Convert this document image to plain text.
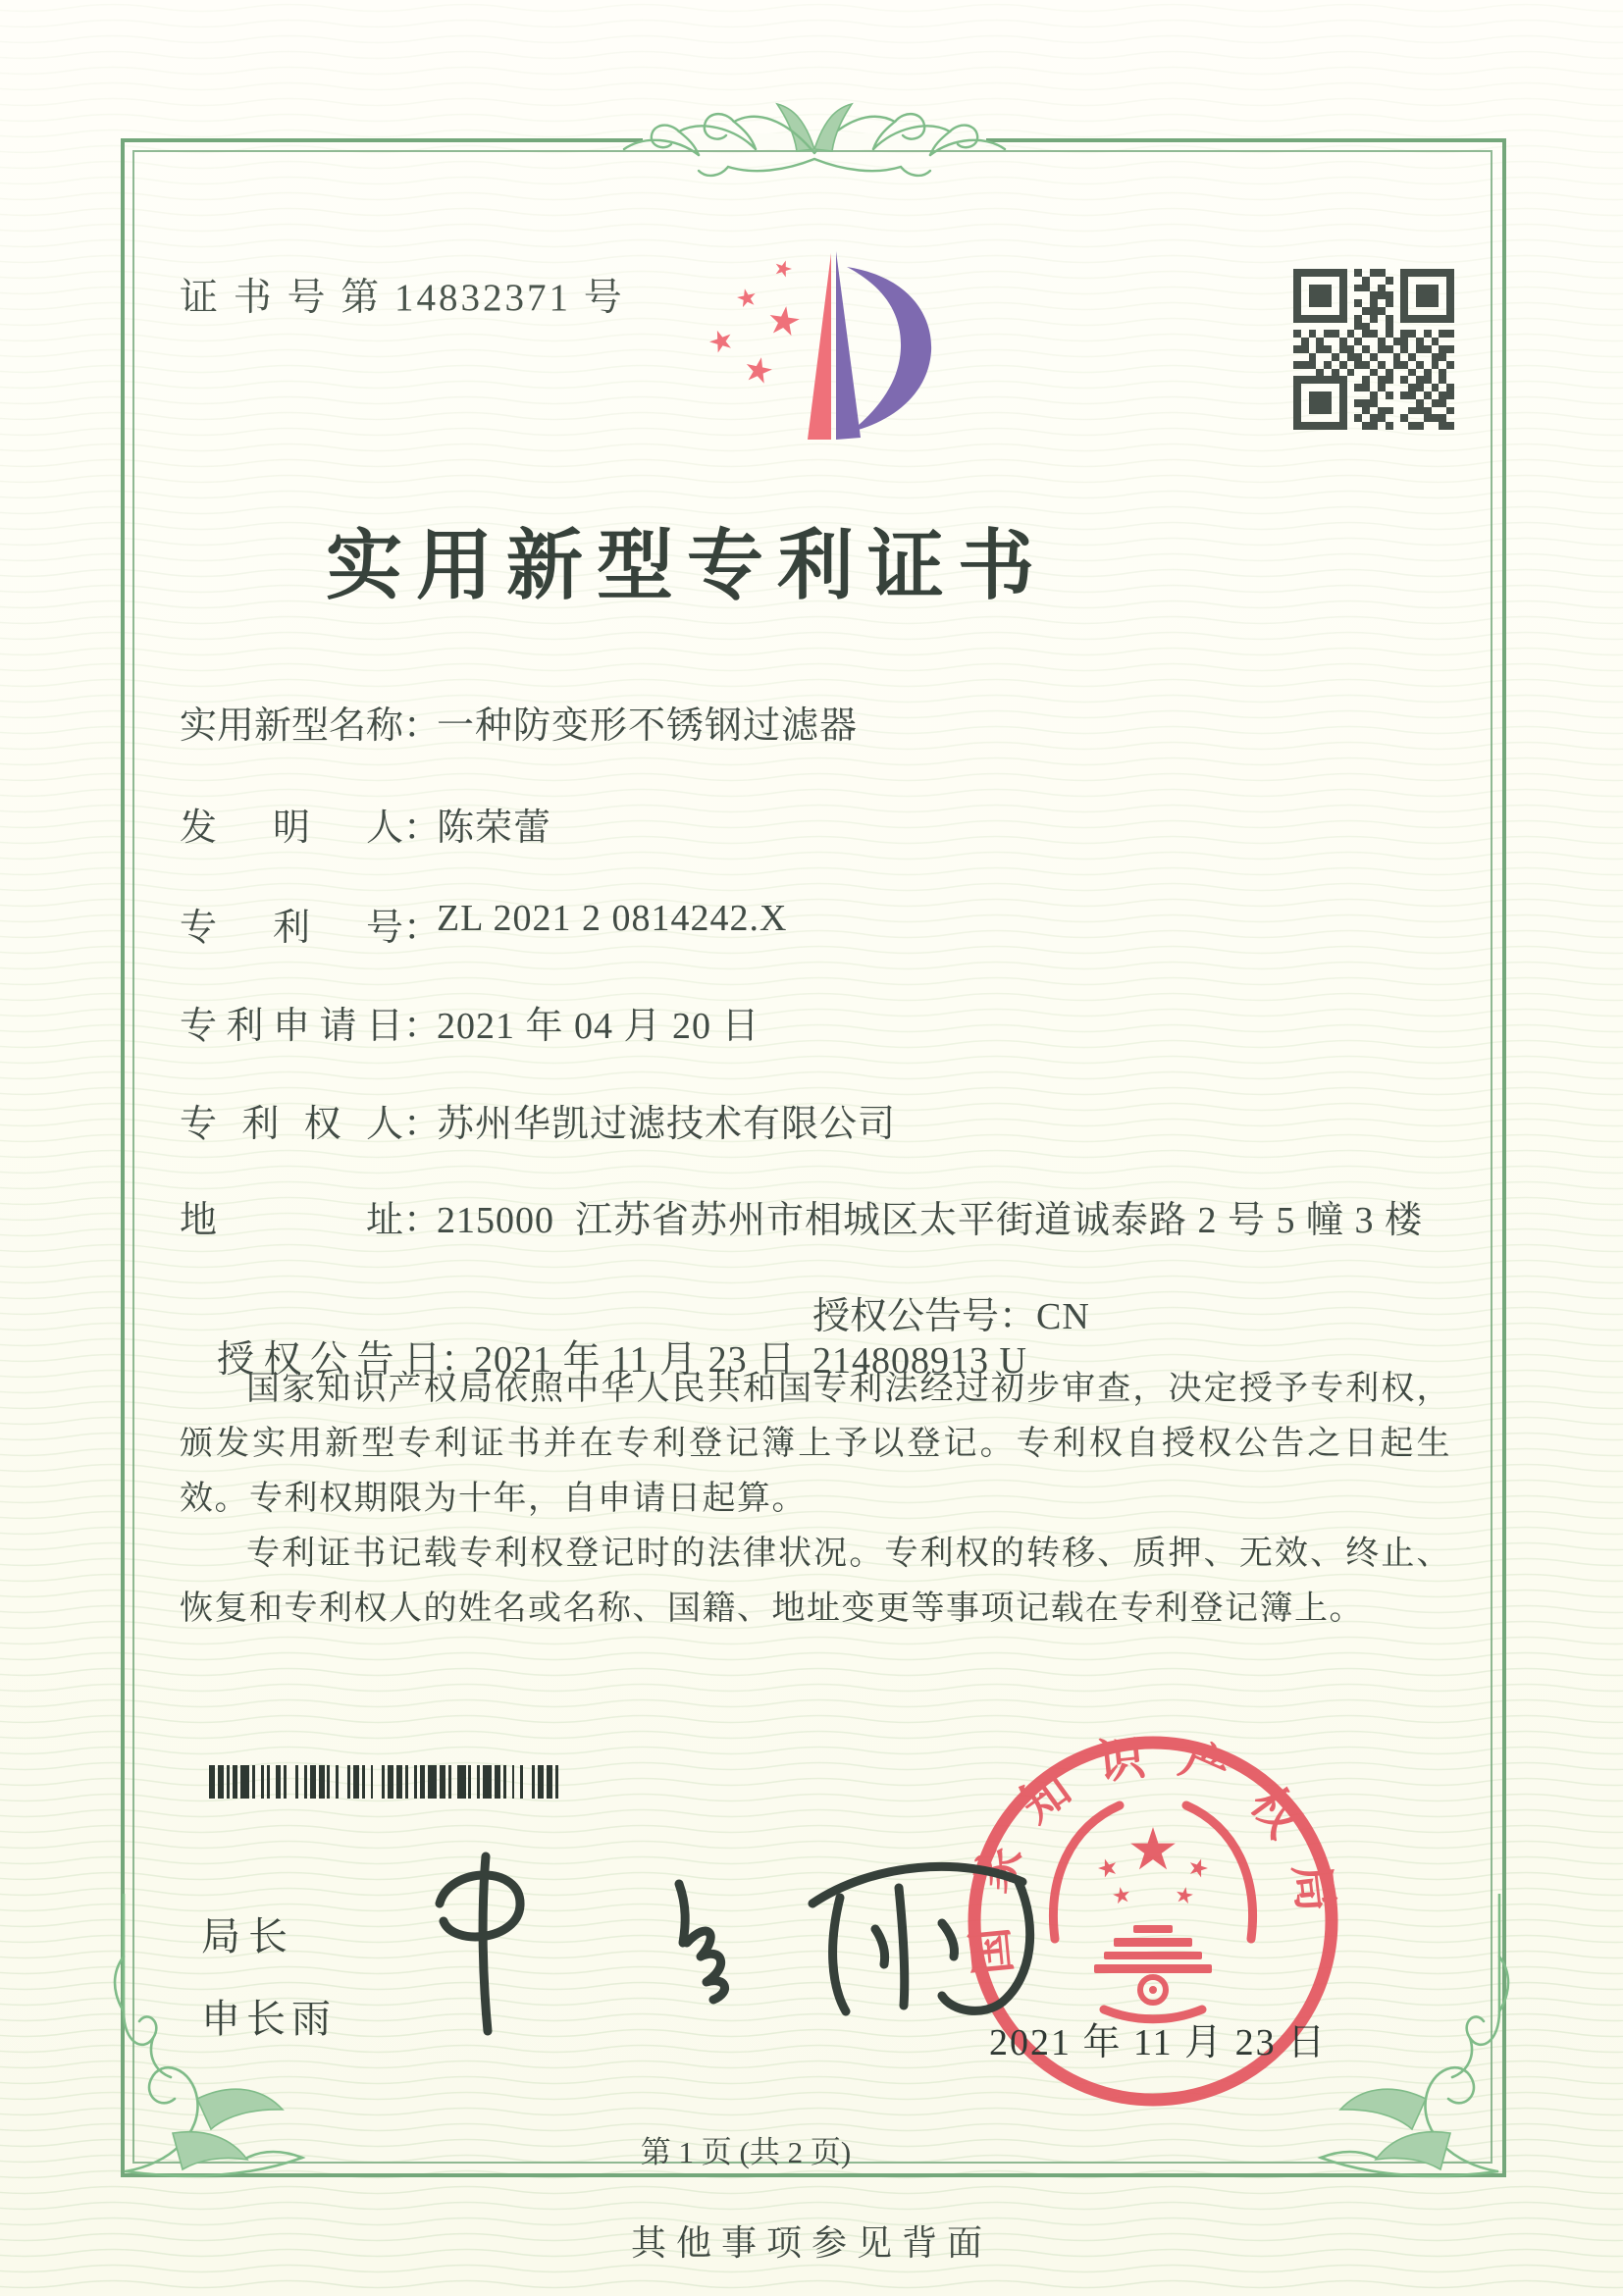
证 书 号 第 14832371 号
实用新型专利证书
实用新型名称：一种防变形不锈钢过滤器
发明人：陈荣蕾
专利号：ZL 2021 2 0814242.X
专利申请日：2021 年 04 月 20 日
专利权人：苏州华凯过滤技术有限公司
地址：215000  江苏省苏州市相城区太平街道诚泰路 2 号 5 幢 3 楼

授权公告日：2021 年 11 月 23 日

授权公告号：CN 214808913 U

国家知识产权局依照中华人民共和国专利法经过初步审查，决定授予专利权，颁发实用新型专利证书并在专利登记簿上予以登记。专利权自授权公告之日起生效。专利权期限为十年，自申请日起算。

专利证书记载专利权登记时的法律状况。专利权的转移、质押、无效、终止、恢复和专利权人的姓名或名称、国籍、地址变更等事项记载在专利登记簿上。

局长
申长雨
国家知识产权局
2021 年 11 月 23 日
第 1 页 (共 2 页)
其他事项参见背面
